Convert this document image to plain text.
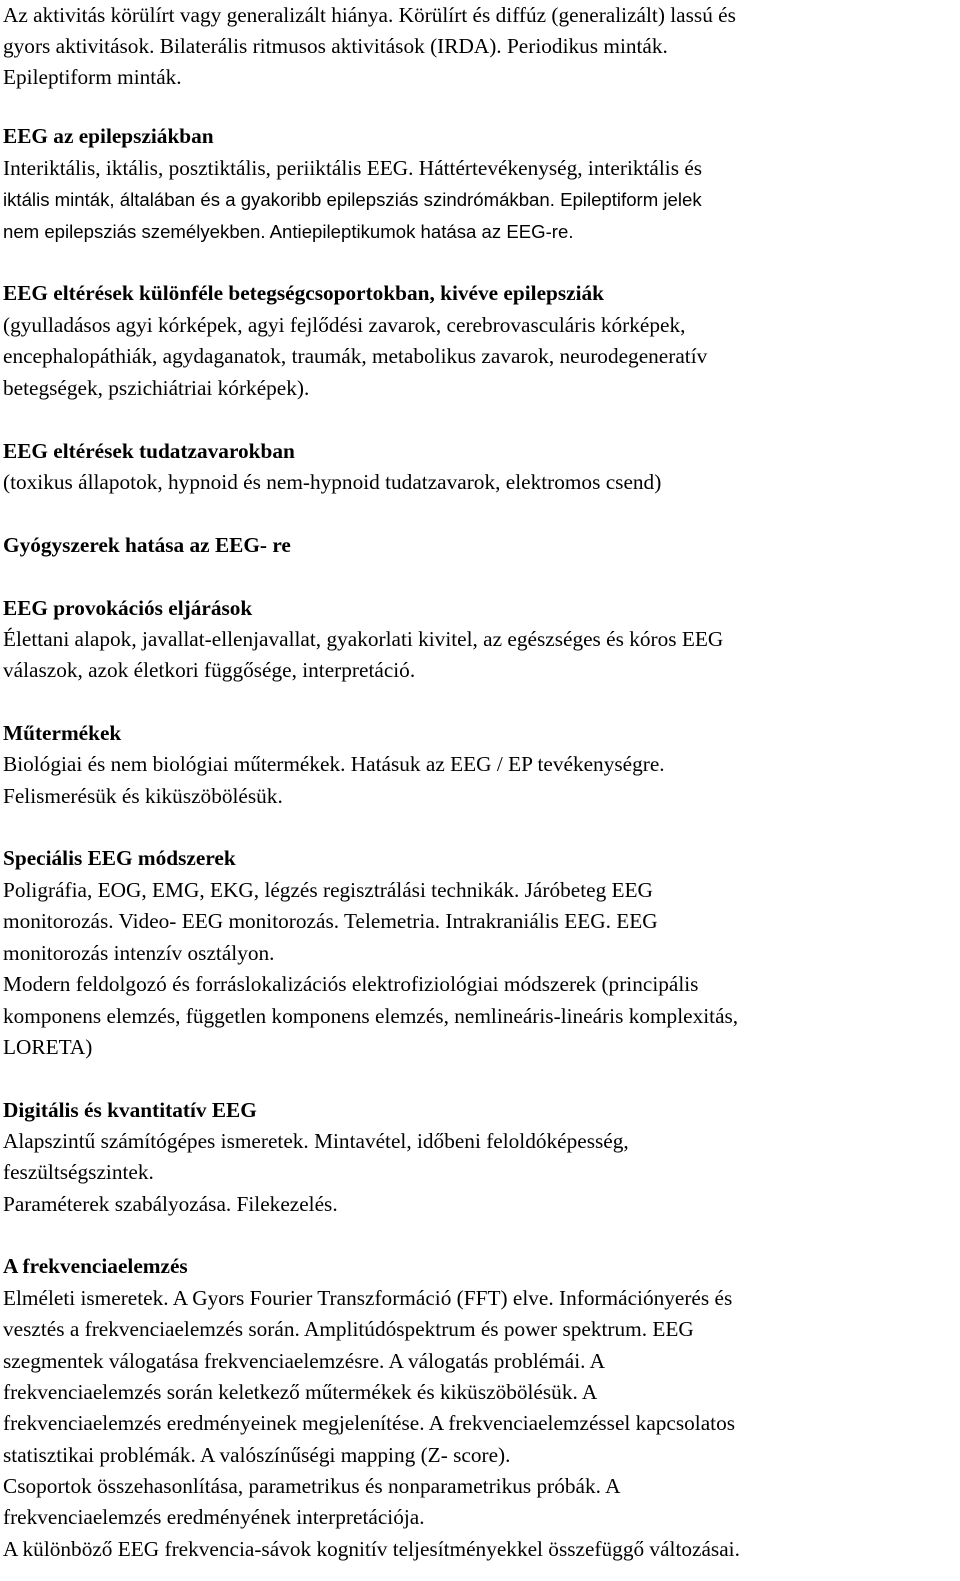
Az aktivitás körülírt vagy generalizált hiánya. Körülírt és diffúz (generalizált) lassú és
gyors aktivitások. Bilaterális ritmusos aktivitások (IRDA). Periodikus minták.
Epileptiform minták.
EEG az epilepsziákban
Interiktális, iktális, posztiktális, periiktális EEG. Háttértevékenység, interiktális és
iktális minták, általában és a gyakoribb epilepsziás szindrómákban. Epileptiform jelek
nem epilepsziás személyekben. Antiepileptikumok hatása az EEG-re.
EEG eltérések különféle betegségcsoportokban, kivéve epilepsziák
(gyulladásos agyi kórképek, agyi fejlődési zavarok, cerebrovasculáris kórképek,
encephalopáthiák, agydaganatok, traumák, metabolikus zavarok, neurodegeneratív
betegségek, pszichiátriai kórképek).
EEG eltérések tudatzavarokban
(toxikus állapotok, hypnoid és nem-hypnoid tudatzavarok, elektromos csend)
Gyógyszerek hatása az EEG- re
EEG provokációs eljárások
Élettani alapok, javallat-ellenjavallat, gyakorlati kivitel, az egészséges és kóros EEG
válaszok, azok életkori függősége, interpretáció.
Műtermékek
Biológiai és nem biológiai műtermékek. Hatásuk az EEG / EP tevékenységre.
Felismerésük és kiküszöbölésük.
Speciális EEG módszerek
Poligráfia, EOG, EMG, EKG, légzés regisztrálási technikák. Járóbeteg EEG
monitorozás. Video- EEG monitorozás. Telemetria. Intrakraniális EEG. EEG
monitorozás intenzív osztályon.
Modern feldolgozó és forráslokalizációs elektrofiziológiai módszerek (principális
komponens elemzés, független komponens elemzés, nemlineáris-lineáris komplexitás,
LORETA)
Digitális és kvantitatív EEG
Alapszintű számítógépes ismeretek. Mintavétel, időbeni feloldóképesség,
feszültségszintek.
Paraméterek szabályozása. Filekezelés.
A frekvenciaelemzés
Elméleti ismeretek. A Gyors Fourier Transzformáció (FFT) elve. Információnyerés és
vesztés a frekvenciaelemzés során. Amplitúdóspektrum és power spektrum. EEG
szegmentek válogatása frekvenciaelemzésre. A válogatás problémái. A
frekvenciaelemzés során keletkező műtermékek és kiküszöbölésük. A
frekvenciaelemzés eredményeinek megjelenítése. A frekvenciaelemzéssel kapcsolatos
statisztikai problémák. A valószínűségi mapping (Z- score).
Csoportok összehasonlítása, parametrikus és nonparametrikus próbák. A
frekvenciaelemzés eredményének interpretációja.
A különböző EEG frekvencia-sávok kognitív teljesítményekkel összefüggő változásai.
